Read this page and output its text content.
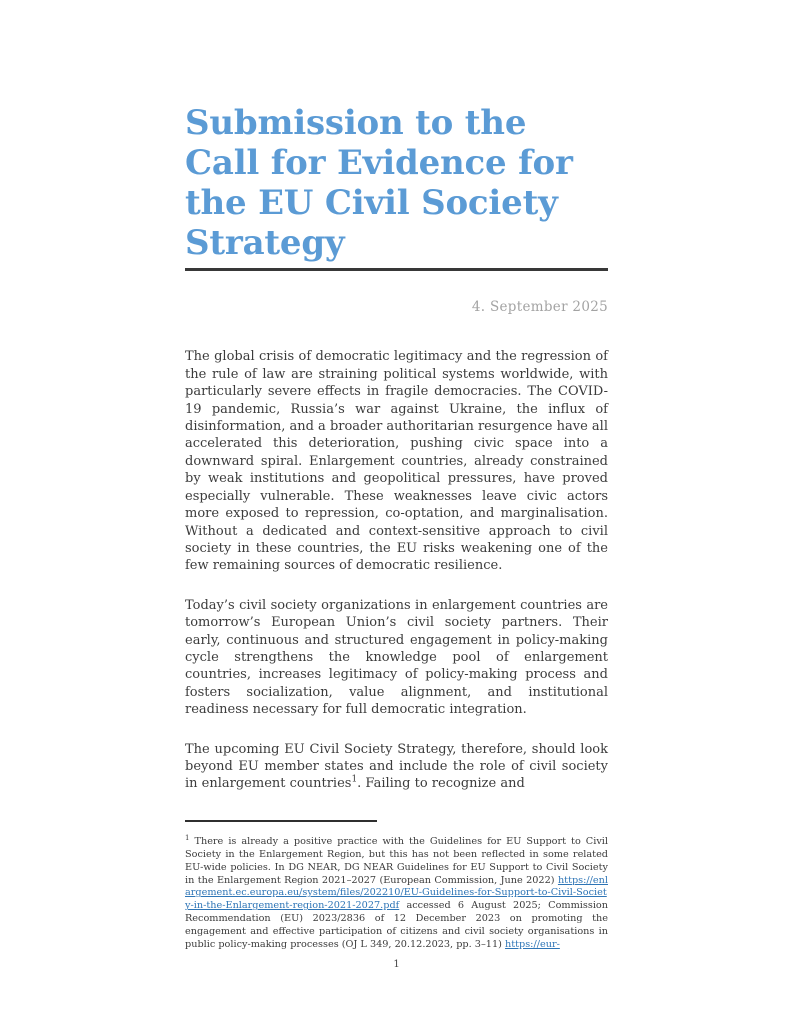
Submission to the Call for Evidence for the EU Civil Society Strategy
4. September 2025

The global crisis of democratic legitimacy and the regression of the rule of law are straining political systems worldwide, with particularly severe effects in fragile democracies. The COVID-19 pandemic, Russia’s war against Ukraine, the influx of disinformation, and a broader authoritarian resurgence have all accelerated this deterioration, pushing civic space into a downward spiral. Enlargement countries, already constrained by weak institutions and geopolitical pressures, have proved especially vulnerable. These weaknesses leave civic actors more exposed to repression, co-optation, and marginalisation. Without a dedicated and context-sensitive approach to civil society in these countries, the EU risks weakening one of the few remaining sources of democratic resilience.

Today’s civil society organizations in enlargement countries are tomorrow’s European Union’s civil society partners. Their early, continuous and structured engagement in policy-making cycle strengthens the knowledge pool of enlargement countries, increases legitimacy of policy-making process and fosters socialization, value alignment, and institutional readiness necessary for full democratic integration.

The upcoming EU Civil Society Strategy, therefore, should look beyond EU member states and include the role of civil society in enlargement countries$^1$. Failing to recognize and

$^1$ There is already a positive practice with the Guidelines for EU Support to Civil Society in the Enlargement Region, but this has not been reflected in some related EU-wide policies. In DG NEAR, DG NEAR Guidelines for EU Support to Civil Society in the Enlargement Region 2021–2027 (European Commission, June 2022) https://enlargement.ec.europa.eu/system/files/202210/EU-Guidelines-for-Support-to-Civil-Society-in-the-Enlargement-region-2021-2027.pdf accessed 6 August 2025; Commission Recommendation (EU) 2023/2836 of 12 December 2023 on promoting the engagement and effective participation of citizens and civil society organisations in public policy-making processes (OJ L 349, 20.12.2023, pp. 3–11) https://eur-
1
